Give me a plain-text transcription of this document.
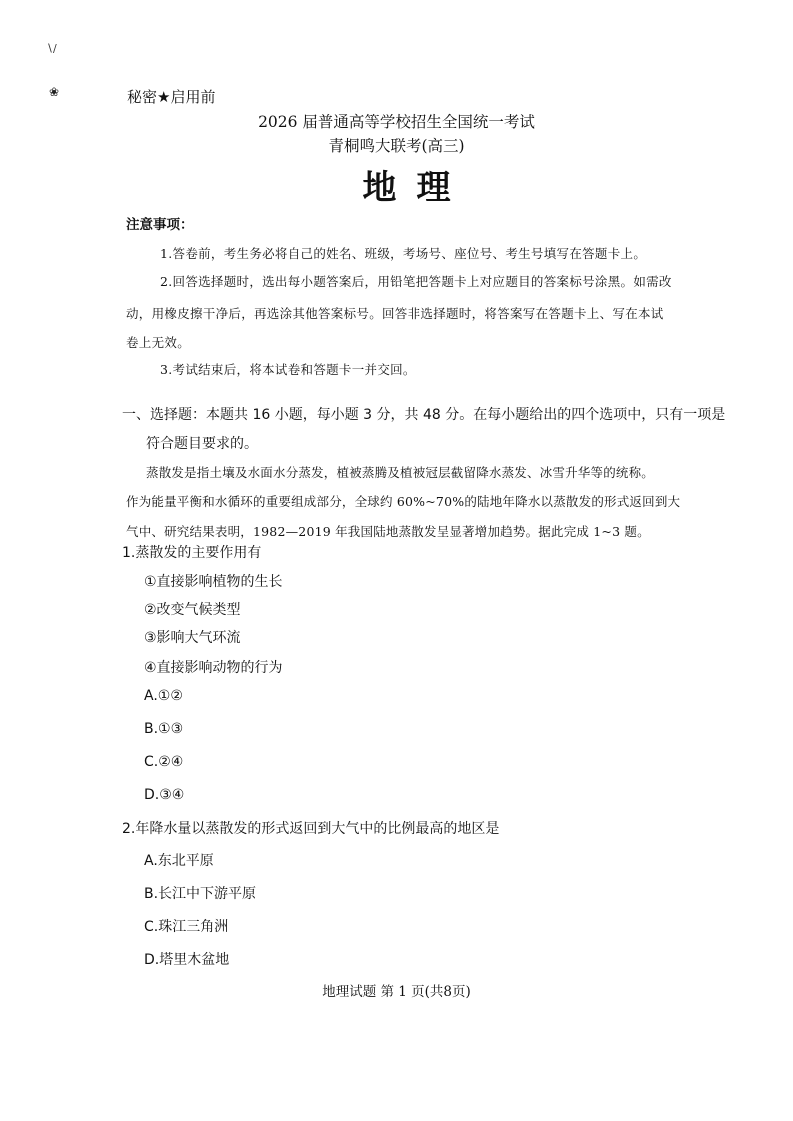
∖∕
❀	秘密★启用前
2026 届普通高等学校招生全国统一考试
青桐鸣大联考(高三)
地理
注意事项：
1.答卷前，考生务必将自己的姓名、班级，考场号、座位号、考生号填写在答题卡上。
2.回答选择题时，选出每小题答案后，用铅笔把答题卡上对应题目的答案标号涂黑。如需改
动，用橡皮擦干净后，再选涂其他答案标号。回答非选择题时，将答案写在答题卡上、写在本试
卷上无效。
3.考试结束后，将本试卷和答题卡一并交回。
一、选择题：本题共 16 小题，每小题 3 分，共 48 分。在每小题给出的四个选项中，只有一项是
符合题目要求的。
蒸散发是指土壤及水面水分蒸发，植被蒸腾及植被冠层截留降水蒸发、冰雪升华等的统称。
作为能量平衡和水循环的重要组成部分，全球约 60%~70%的陆地年降水以蒸散发的形式返回到大
气中、研究结果表明，1982—2019 年我国陆地蒸散发呈显著增加趋势。据此完成 1~3 题。
1.蒸散发的主要作用有
①直接影响植物的生长
②改变气候类型
③影响大气环流
④直接影响动物的行为
A.①②
B.①③
C.②④
D.③④
2.年降水量以蒸散发的形式返回到大气中的比例最高的地区是
A.东北平原
B.长江中下游平原
C.珠江三角洲
D.塔里木盆地
地理试题 第 1 页(共8页)
